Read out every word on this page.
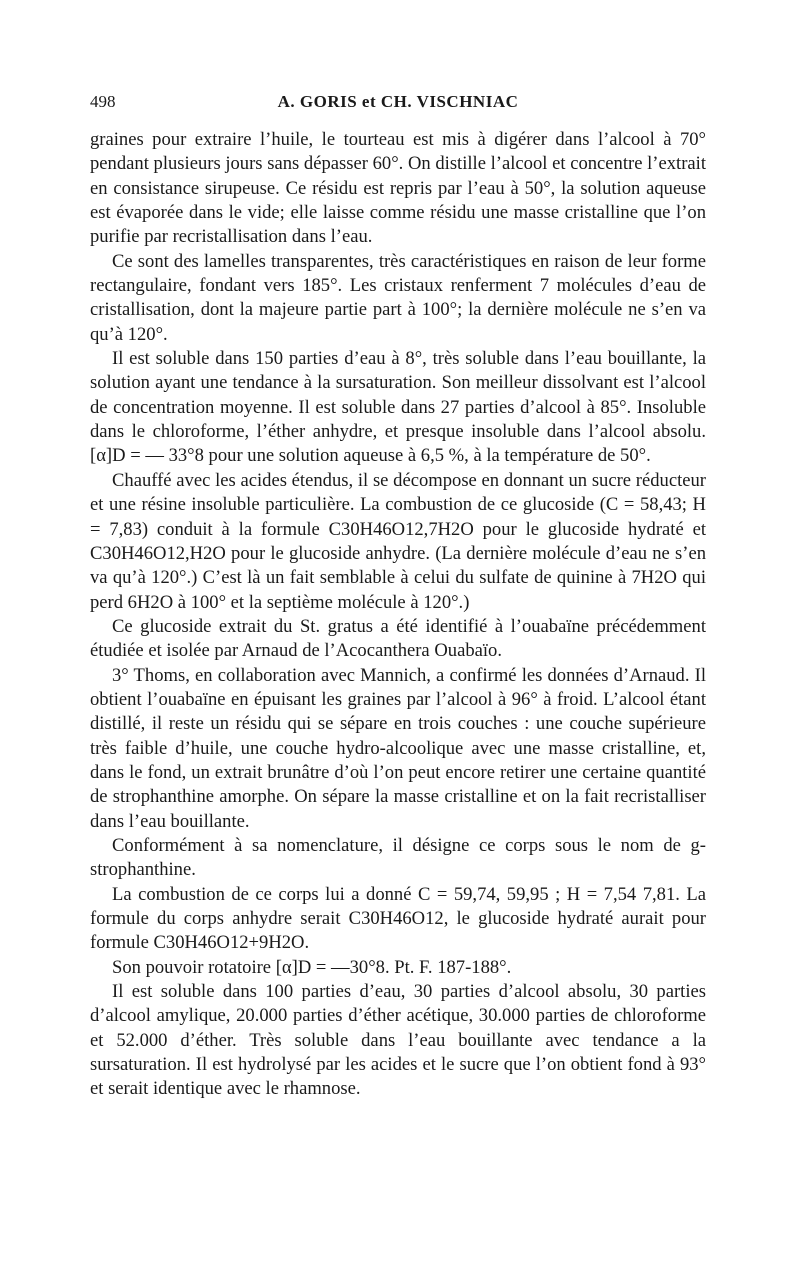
498	A. GORIS et CH. VISCHNIAC

graines pour extraire l’huile, le tourteau est mis à digérer dans l’alcool à 70° pendant plusieurs jours sans dépasser 60°. On distille l’alcool et concentre l’extrait en consistance sirupeuse. Ce résidu est repris par l’eau à 50°, la solution aqueuse est évaporée dans le vide; elle laisse comme résidu une masse cristalline que l’on purifie par recristallisation dans l’eau.

Ce sont des lamelles transparentes, très caractéristiques en raison de leur forme rectangulaire, fondant vers 185°. Les cristaux renferment 7 molécules d’eau de cristallisation, dont la majeure partie part à 100°; la dernière molécule ne s’en va qu’à 120°.

Il est soluble dans 150 parties d’eau à 8°, très soluble dans l’eau bouillante, la solution ayant une tendance à la sursaturation. Son meilleur dissolvant est l’alcool de concentration moyenne. Il est soluble dans 27 parties d’alcool à 85°. Insoluble dans le chloroforme, l’éther anhydre, et presque insoluble dans l’alcool absolu. [α]D = — 33°8 pour une solution aqueuse à 6,5 %, à la température de 50°.

Chauffé avec les acides étendus, il se décompose en donnant un sucre réducteur et une résine insoluble particulière. La combustion de ce glucoside (C = 58,43; H = 7,83) conduit à la formule C30H46O12,7H2O pour le glucoside hydraté et C30H46O12,H2O pour le glucoside anhydre. (La dernière molécule d’eau ne s’en va qu’à 120°.) C’est là un fait semblable à celui du sulfate de quinine à 7H2O qui perd 6H2O à 100° et la septième molécule à 120°.)

Ce glucoside extrait du St. gratus a été identifié à l’ouabaïne précédemment étudiée et isolée par Arnaud de l’Acocanthera Ouabaïo.

3° Thoms, en collaboration avec Mannich, a confirmé les données d’Arnaud. Il obtient l’ouabaïne en épuisant les graines par l’alcool à 96° à froid. L’alcool étant distillé, il reste un résidu qui se sépare en trois couches : une couche supérieure très faible d’huile, une couche hydro-alcoolique avec une masse cristalline, et, dans le fond, un extrait brunâtre d’où l’on peut encore retirer une certaine quantité de strophanthine amorphe. On sépare la masse cristalline et on la fait recristalliser dans l’eau bouillante.

Conformément à sa nomenclature, il désigne ce corps sous le nom de g-strophanthine.

La combustion de ce corps lui a donné C = 59,74, 59,95 ; H = 7,54 7,81. La formule du corps anhydre serait C30H46O12, le glucoside hydraté aurait pour formule C30H46O12+9H2O.

Son pouvoir rotatoire [α]D = —30°8. Pt. F. 187-188°.

Il est soluble dans 100 parties d’eau, 30 parties d’alcool absolu, 30 parties d’alcool amylique, 20.000 parties d’éther acétique, 30.000 parties de chloroforme et 52.000 d’éther. Très soluble dans l’eau bouillante avec tendance a la sursaturation. Il est hydrolysé par les acides et le sucre que l’on obtient fond à 93° et serait identique avec le rhamnose.
